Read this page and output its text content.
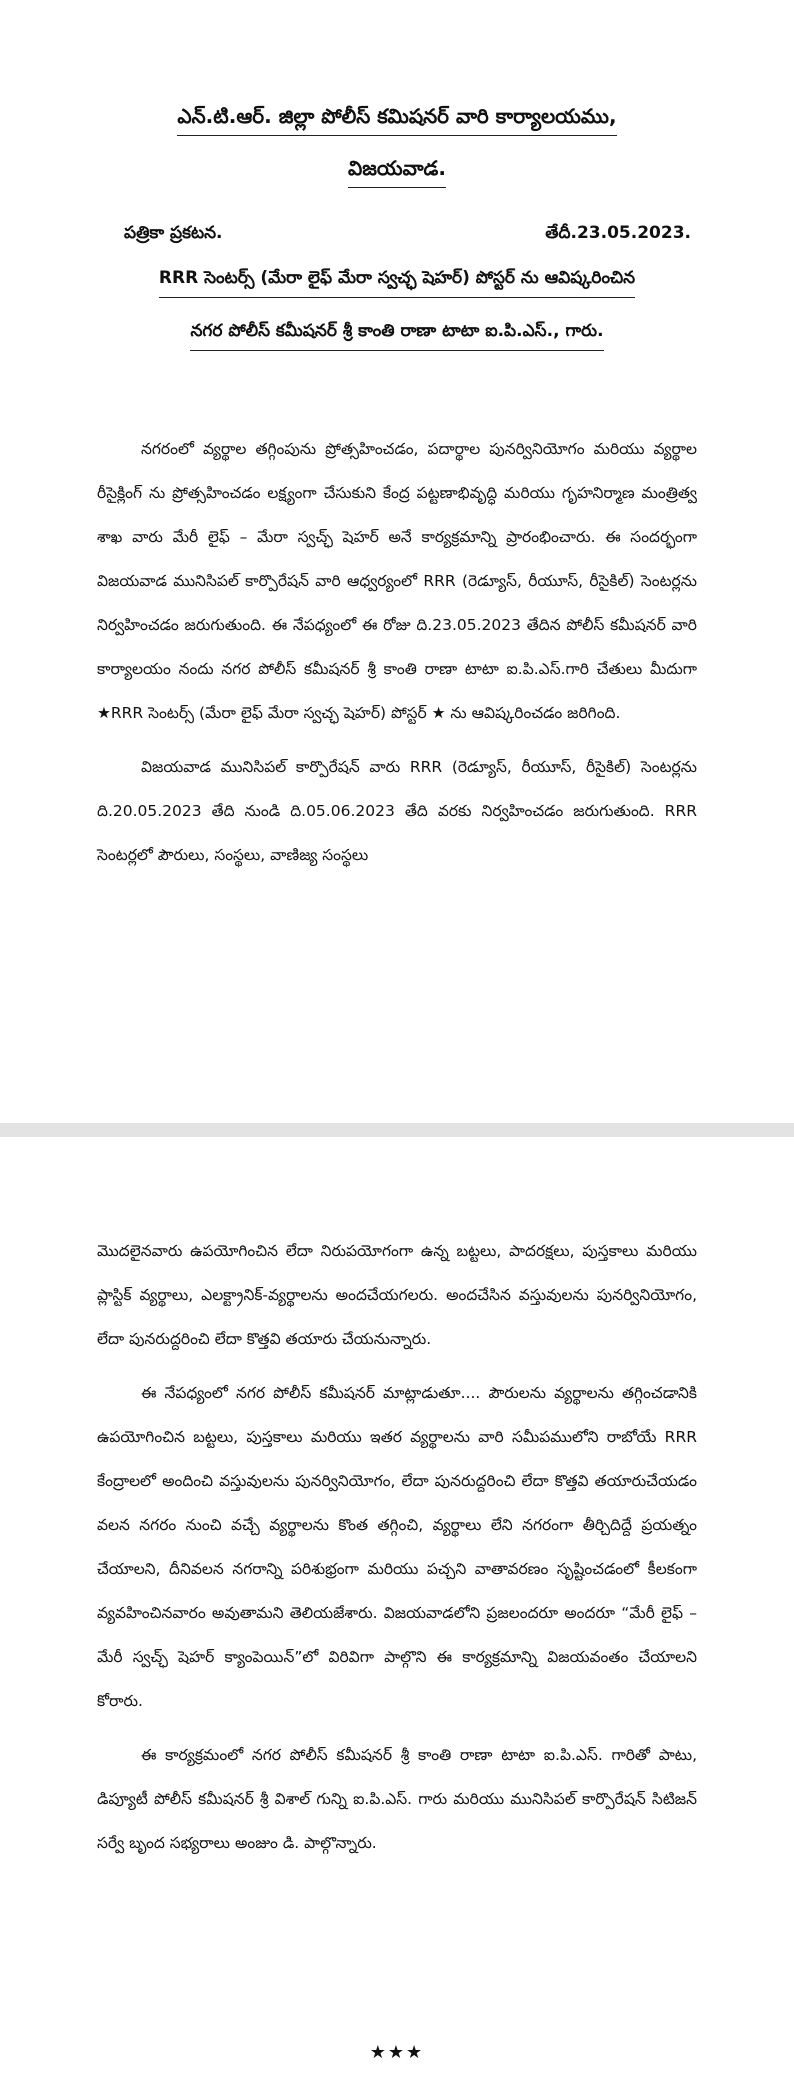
ఎన్.టి.ఆర్. జిల్లా పోలీస్ కమిషనర్ వారి కార్యాలయము,
విజయవాడ.
పత్రికా ప్రకటన.	తేదీ.23.05.2023.
RRR సెంటర్స్ (మేరా లైఫ్ మేరా స్వచ్ఛ షెహర్) పోస్టర్ ను ఆవిష్కరించిన
నగర పోలీస్ కమీషనర్ శ్రీ కాంతి రాణా టాటా ఐ.పి.ఎస్., గారు.

నగరంలో వ్యర్థాల తగ్గింపును ప్రోత్సహించడం, పదార్థాల పునర్వినియోగం మరియు వ్యర్థాల రీసైక్లింగ్ ను ప్రోత్సహించడం లక్ష్యంగా చేసుకుని కేంద్ర పట్టణాభివృద్ధి మరియు గృహనిర్మాణ మంత్రిత్వ శాఖ వారు మేరీ లైఫ్ – మేరా స్వచ్ఛ్ షెహర్ అనే కార్యక్రమాన్ని ప్రారంభించారు. ఈ సందర్భంగా విజయవాడ మునిసిపల్ కార్పొరేషన్ వారి ఆధ్వర్యంలో RRR (రెడ్యూస్, రీయూస్, రీసైకిల్) సెంటర్లను నిర్వహించడం జరుగుతుంది. ఈ నేపధ్యంలో ఈ రోజు ది.23.05.2023 తేదిన పోలీస్ కమీషనర్ వారి కార్యాలయం నందు నగర పోలీస్ కమీషనర్ శ్రీ కాంతి రాణా టాటా ఐ.పి.ఎస్.గారి చేతులు మీదుగా ★RRR సెంటర్స్ (మేరా లైఫ్ మేరా స్వచ్ఛ షెహర్) పోస్టర్ ★ ను ఆవిష్కరించడం జరిగింది.

విజయవాడ మునిసిపల్ కార్పొరేషన్ వారు RRR (రెడ్యూస్, రీయూస్, రీసైకిల్) సెంటర్లను ది.20.05.2023 తేది నుండి ది.05.06.2023 తేది వరకు నిర్వహించడం జరుగుతుంది. RRR సెంటర్లలో పౌరులు, సంస్థలు, వాణిజ్య సంస్థలు

మొదలైనవారు ఉపయోగించిన లేదా నిరుపయోగంగా ఉన్న బట్టలు, పాదరక్షలు, పుస్తకాలు మరియు ప్లాస్టిక్ వ్యర్థాలు, ఎలక్ట్రానిక్-వ్యర్థాలను అందచేయగలరు. అందచేసిన వస్తువులను పునర్వినియోగం, లేదా పునరుద్దరించి లేదా కొత్తవి తయారు చేయనున్నారు.

ఈ నేపధ్యంలో నగర పోలీస్ కమీషనర్ మాట్లాడుతూ.... పౌరులను వ్యర్థాలను తగ్గించడానికి ఉపయోగించిన బట్టలు, పుస్తకాలు మరియు ఇతర వ్యర్థాలను వారి సమీపములోని రాబోయే RRR కేంద్రాలలో అందించి వస్తువులను పునర్వినియోగం, లేదా పునరుద్దరించి లేదా కొత్తవి తయారుచేయడం వలన నగరం నుంచి వచ్చే వ్యర్థాలను కొంత తగ్గించి, వ్యర్థాలు లేని నగరంగా తీర్చిదిద్దే ప్రయత్నం చేయాలని, దీనివలన నగరాన్ని పరిశుభ్రంగా మరియు పచ్చని వాతావరణం సృష్టించడంలో కీలకంగా వ్యవహించినవారం అవుతామని తెలియజేశారు. విజయవాడలోని ప్రజలందరూ అందరూ “మేరీ లైఫ్ – మేరీ స్వచ్ఛ్ షెహర్ క్యాంపెయిన్”లో విరివిగా పాల్గొని ఈ కార్యక్రమాన్ని విజయవంతం చేయాలని కోరారు.

ఈ కార్యక్రమంలో నగర పోలీస్ కమీషనర్ శ్రీ కాంతి రాణా టాటా ఐ.పి.ఎస్. గారితో పాటు, డిప్యూటీ పోలీస్ కమీషనర్ శ్రీ విశాల్ గున్ని ఐ.పి.ఎస్. గారు మరియు మునిసిపల్ కార్పొరేషన్ సిటిజన్ సర్వే బృంద సభ్యరాలు అంజుం డి. పాల్గొన్నారు.

★★★
